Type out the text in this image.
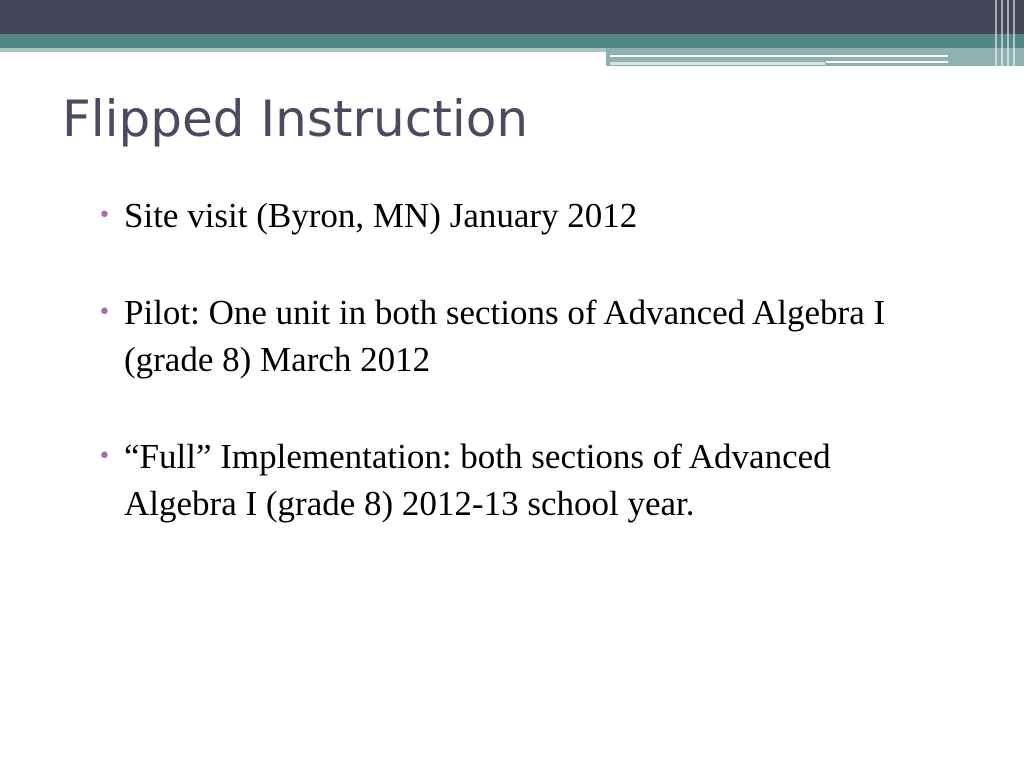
Flipped Instruction
• Site visit (Byron, MN) January 2012
• Pilot: One unit in both sections of Advanced Algebra I (grade 8) March 2012
• “Full” Implementation: both sections of Advanced Algebra I (grade 8) 2012-13 school year.
